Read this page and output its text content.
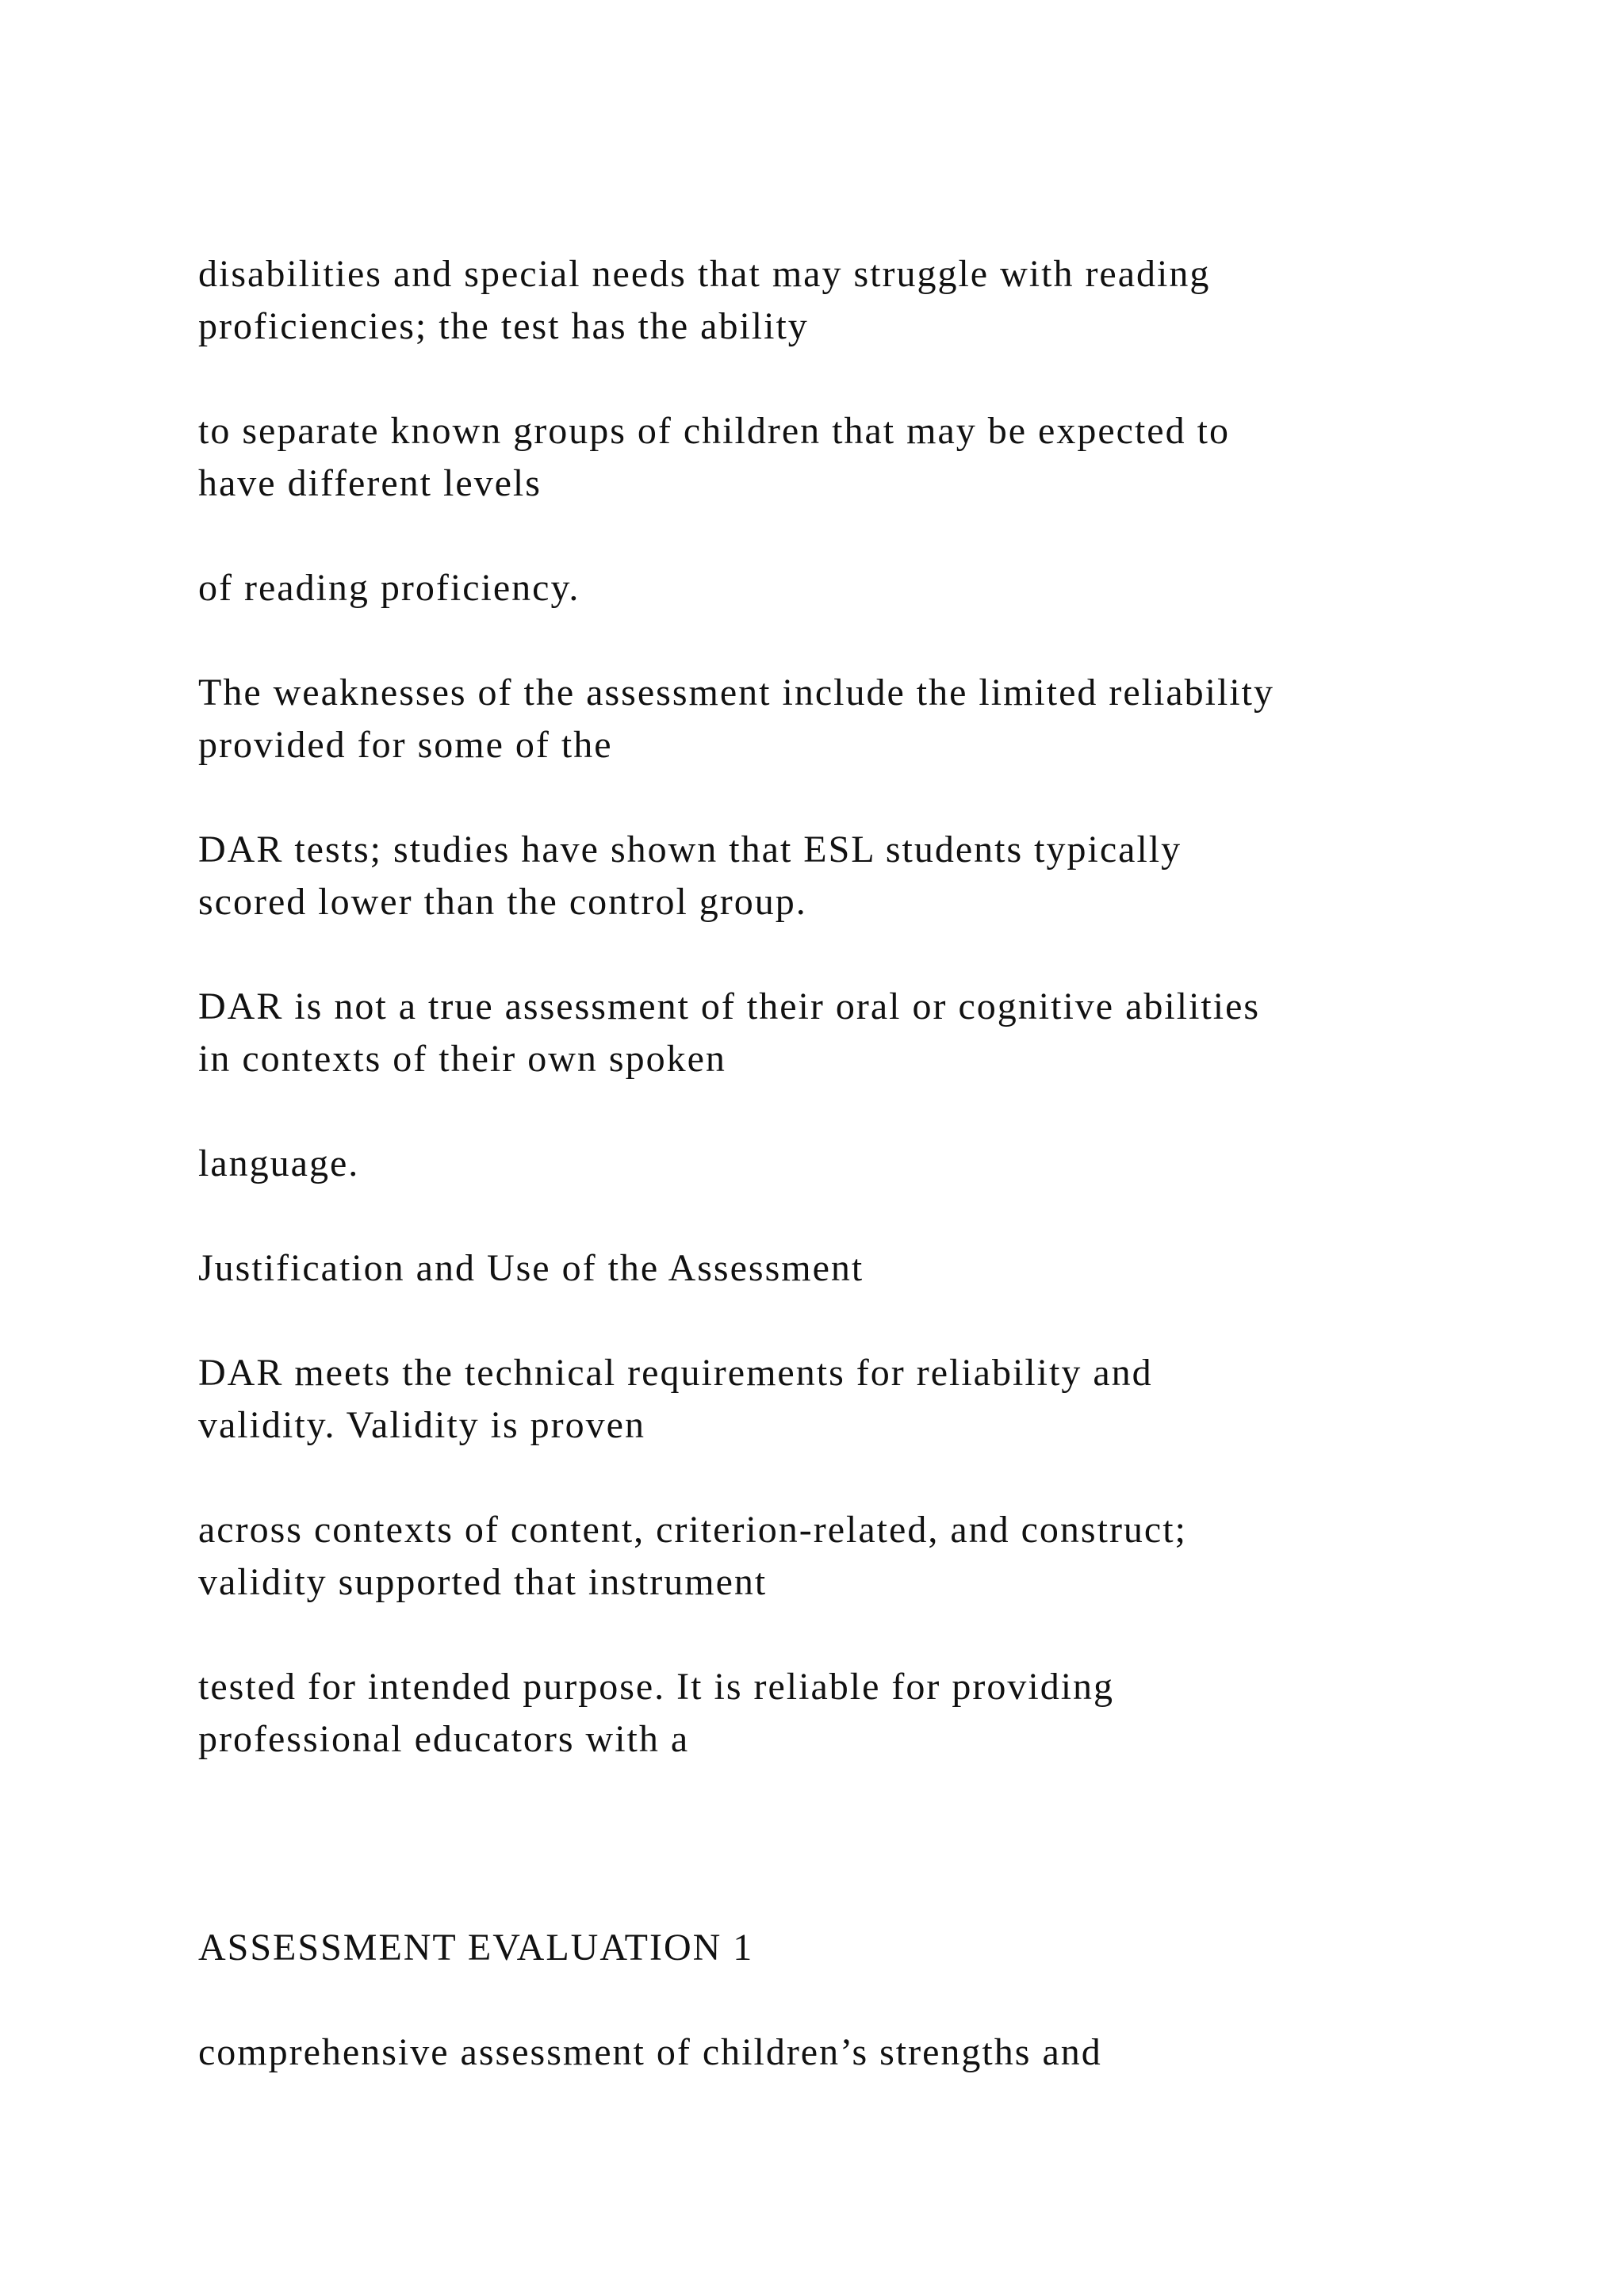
disabilities and special needs that may struggle with reading
proficiencies; the test has the ability

to separate known groups of children that may be expected to
have different levels

of reading proficiency.

The weaknesses of the assessment include the limited reliability
provided for some of the

DAR tests; studies have shown that ESL students typically
scored lower than the control group.

DAR is not a true assessment of their oral or cognitive abilities
in contexts of their own spoken

language.

Justification and Use of the Assessment

DAR meets the technical requirements for reliability and
validity. Validity is proven

across contexts of content, criterion-related, and construct;
validity supported that instrument

tested for intended purpose. It is reliable for providing
professional educators with a

ASSESSMENT EVALUATION 1

comprehensive assessment of children’s strengths and
